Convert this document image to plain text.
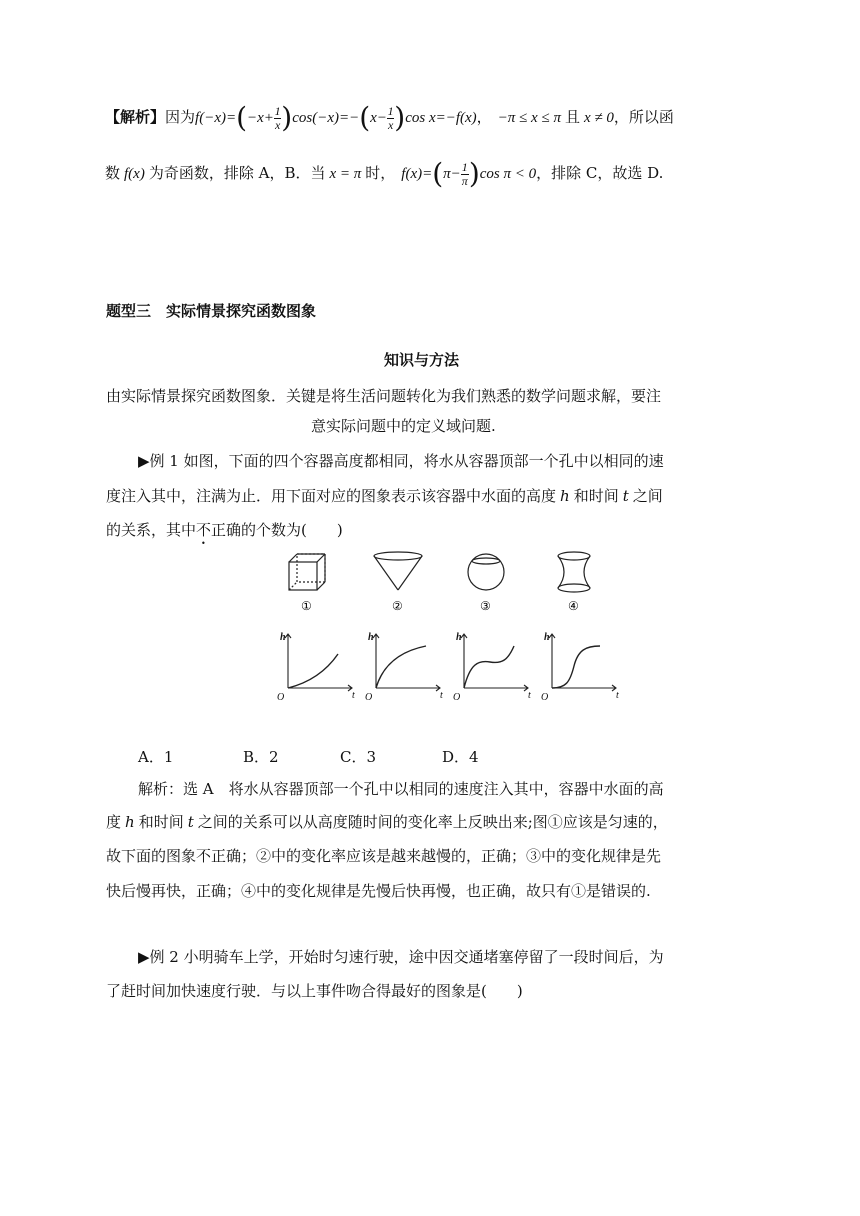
【解析】因为$f(-x)=(-x+ \frac{1}{x} )\cos(-x)=-(x- \frac{1}{x} )\cos$ x=−f(x)， −π ≤ x ≤ π 且 x ≠ 0，所以函
数 f(x) 为奇函数，排除 A，B．当 x = π 时， $f(x)=(\pi- \frac{1}{\pi} )\cos$ π < 0，排除 C，故选 D.
题型三　实际情景探究函数图象
知识与方法
由实际情景探究函数图象．关键是将生活问题转化为我们熟悉的数学问题求解，要注
意实际问题中的定义域问题.
▶例 1 如图，下面的四个容器高度都相同，将水从容器顶部一个孔中以相同的速
度注入其中，注满为止．用下面对应的图象表示该容器中水面的高度 h 和时间 t 之间
的关系，其中不正确的个数为(　　)
①	②	③	④
h
t
O
h
t
O
h
t
O
h
t
O
A．1	B．2	C．3	D．4
解析：选 A　将水从容器顶部一个孔中以相同的速度注入其中，容器中水面的高
度 h 和时间 t 之间的关系可以从高度随时间的变化率上反映出来;图①应该是匀速的，
故下面的图象不正确；②中的变化率应该是越来越慢的，正确；③中的变化规律是先
快后慢再快，正确；④中的变化规律是先慢后快再慢，也正确，故只有①是错误的.
▶例 2 小明骑车上学，开始时匀速行驶，途中因交通堵塞停留了一段时间后，为
了赶时间加快速度行驶．与以上事件吻合得最好的图象是(　　)
